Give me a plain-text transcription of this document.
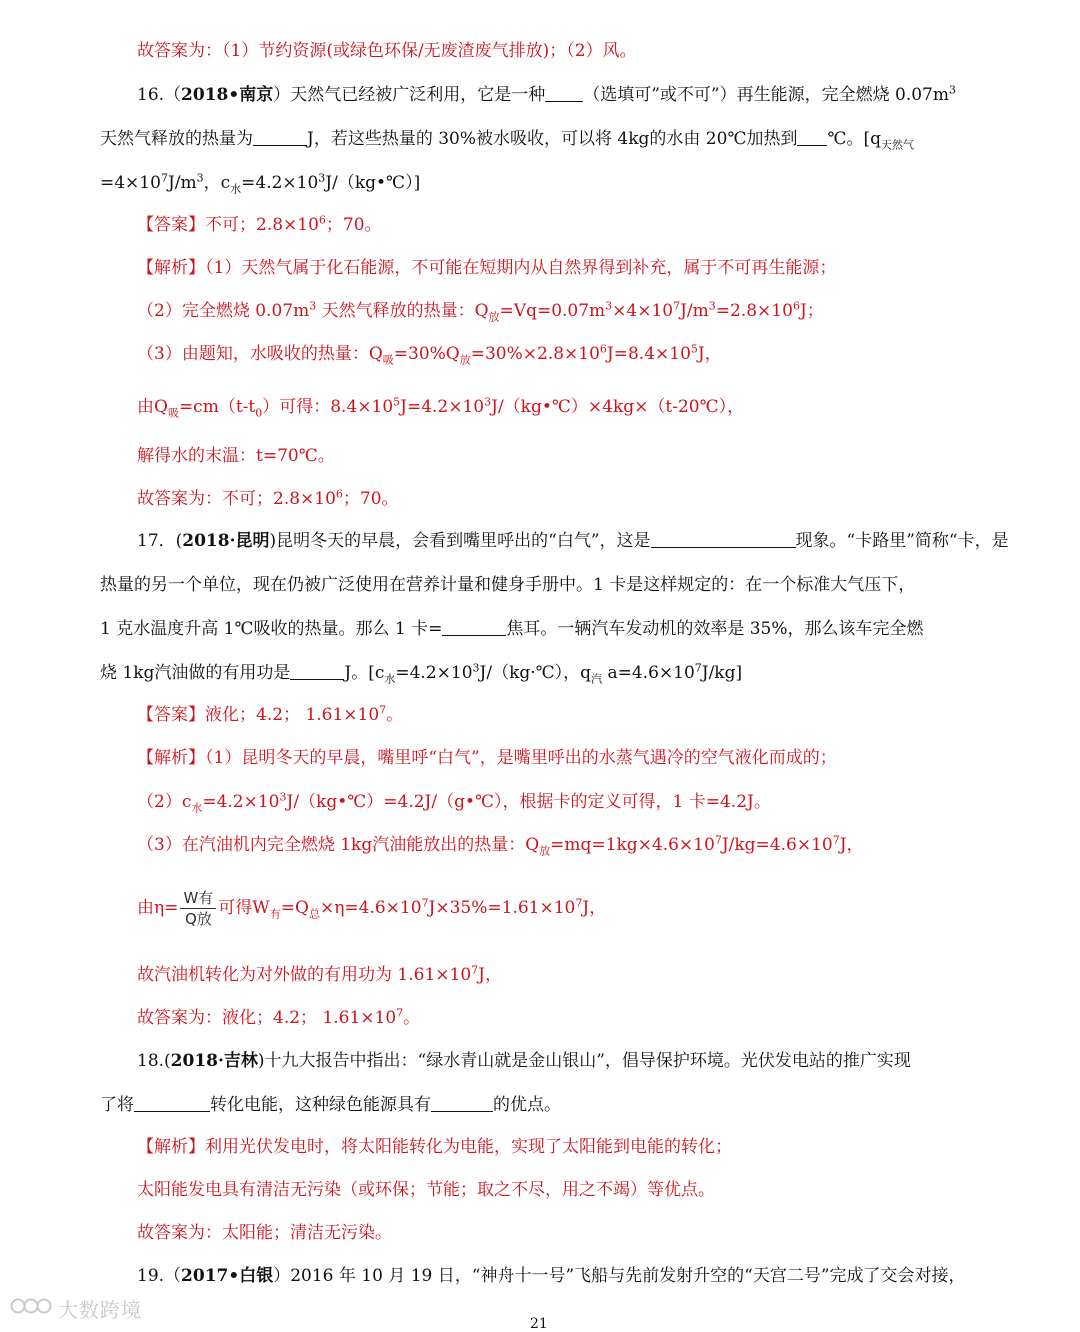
故答案为：（1）节约资源(或绿色环保/无废渣废气排放)；（2）风。
16.（2018•南京）天然气已经被广泛利用，它是一种 （选填可”或不可”）再生能源，完全燃烧 $0.07m^3$
天然气释放的热量为	J，若这些热量的 30%被水吸收，可以将 4kg的水由 20℃加热到 ℃。[$q_{天然气}$
$=4\times 10^7J/m^3$，$c_水=4.2\times 10^3J/(kg•℃)$]
【答案】不可；$2.8\times 10^6$；70。
【解析】（1）天然气属于化石能源，不可能在短期内从自然界得到补充，属于不可再生能源；
（2）完全燃烧 $0.07m^3$ 天然气释放的热量：$Q_放=Vq=0.07m^3\times 4\times 10^7J/m^3=2.8\times 10^6J$；
（3）由题知，水吸收的热量：$Q_吸=30\%Q_放=30\%\times 2.8\times 10^6J=8.4\times 10^5J$，
由$Q_吸=cm(t-t_0)$可得：$8.4\times 10^5J=4.2\times 10^3J/(kg•℃)\times 4kg\times(t-20℃)$，
解得水的末温：t=70℃。
故答案为：不可；$2.8\times 10^6$；70。
17．(2018·昆明)昆明冬天的早晨，会看到嘴里呼出的“白气”，这是	现象。“卡路里”简称“卡，是
热量的另一个单位，现在仍被广泛使用在营养计量和健身手册中。1 卡是这样规定的：在一个标准大气压下，
1 克水温度升高 1℃吸收的热量。那么 1 卡=	焦耳。一辆汽车发动机的效率是 35%，那么该车完全燃
烧 1kg汽油做的有用功是	J。[$c_水=4.2\times 10^3J/(kg\cdot℃)$，$q_汽$ $a=4.6\times 10^7J/kg$]
【答案】液化；4.2； $1.61\times 10^7$。
【解析】（1）昆明冬天的早晨，嘴里呼“白气”，是嘴里呼出的水蒸气遇冷的空气液化而成的；
$(2)c_水=4.2\times 10^3J/(kg•℃)=4.2J/(g•℃)$，根据卡的定义可得，1 卡=4.2J。
（3）在汽油机内完全燃烧 1kg汽油能放出的热量：$Q_放=mq=1kg\times 4.6\times 10^7J/kg=4.6\times 10^7J$，
由$\eta= \frac{\text{W有}}{\text{Q放}}$ 可得$W_有=Q_总\times\eta=4.6\times 10^7J\times 35\%=1.61\times 10^7J$，
故汽油机转化为对外做的有用功为 $1.61\times 10^7J$，
故答案为：液化；4.2； $1.61\times 10^7$。
18.(2018·吉林)十九大报告中指出：“绿水青山就是金山银山”，倡导保护环境。光伏发电站的推广实现
了将	转化电能，这种绿色能源具有	的优点。
【解析】利用光伏发电时，将太阳能转化为电能，实现了太阳能到电能的转化；
太阳能发电具有清洁无污染（或环保；节能；取之不尽，用之不竭）等优点。
故答案为：太阳能；清洁无污染。
19.（2017•白银）2016 年 10 月 19 日，“神舟十一号”飞船与先前发射升空的“天宫二号”完成了交会对接，
大数跨境
21
